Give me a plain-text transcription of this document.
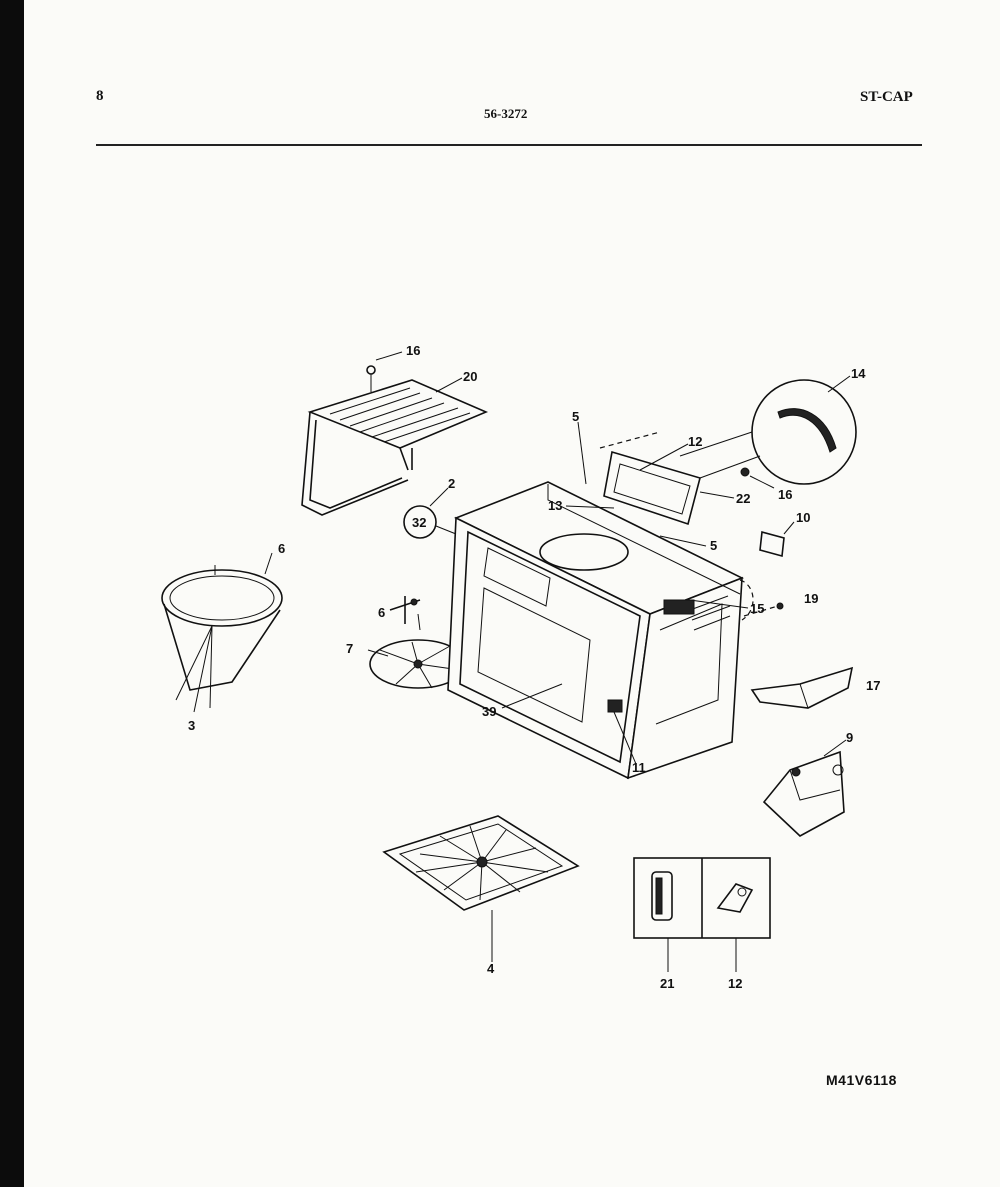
8
56-3272
ST-CAP
16
20
2
32
5
12
14
22 16
13
5
10
6
15
19
6
7
3
39
17
11
9
4
21	12
M41V6118
